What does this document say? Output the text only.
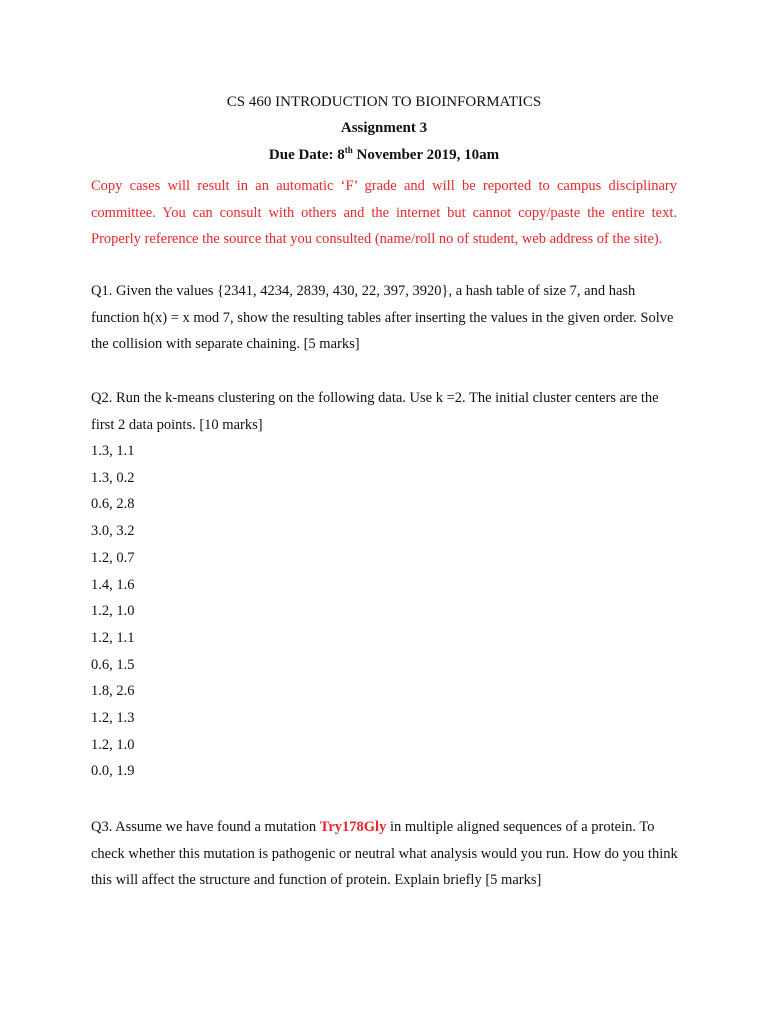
CS 460 INTRODUCTION TO BIOINFORMATICS
Assignment 3
Due Date: 8th November 2019, 10am
Copy cases will result in an automatic ‘F’ grade and will be reported to campus disciplinary committee. You can consult with others and the internet but cannot copy/paste the entire text. Properly reference the source that you consulted (name/roll no of student, web address of the site).
Q1. Given the values {2341, 4234, 2839, 430, 22, 397, 3920}, a hash table of size 7, and hash function h(x) = x mod 7, show the resulting tables after inserting the values in the given order. Solve the collision with separate chaining. [5 marks]
Q2. Run the k-means clustering on the following data. Use k =2. The initial cluster centers are the first 2 data points. [10 marks]
1.3, 1.1
1.3, 0.2
0.6, 2.8
3.0, 3.2
1.2, 0.7
1.4, 1.6
1.2, 1.0
1.2, 1.1
0.6, 1.5
1.8, 2.6
1.2, 1.3
1.2, 1.0
0.0, 1.9
Q3. Assume we have found a mutation Try178Gly in multiple aligned sequences of a protein. To check whether this mutation is pathogenic or neutral what analysis would you run. How do you think this will affect the structure and function of protein. Explain briefly [5 marks]
